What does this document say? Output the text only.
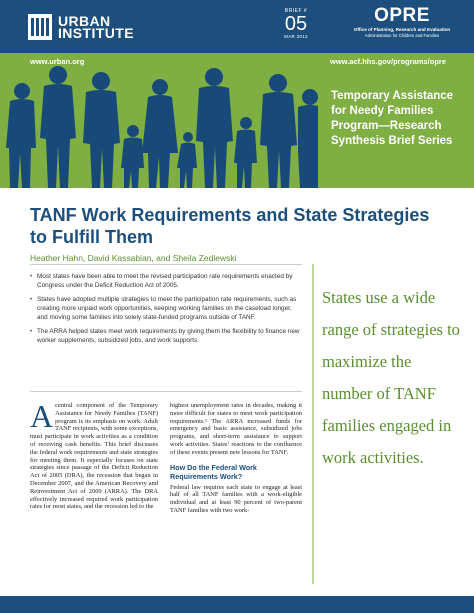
URBAN
INSTITUTE
BRIEF #
05
MAR 2012
OPRE
Office of Planning, Research and Evaluation
Administration for Children and Families
www.urban.org	www.acf.hhs.gov/programs/opre
Temporary Assistance for Needy Families Program—Research Synthesis Brief Series
TANF Work Requirements and State Strategies to Fulfill Them
Heather Hahn, David Kassabian, and Sheila Zedlewski
• Most states have been able to meet the revised participation rate requirements enacted by Congress under the Deficit Reduction Act of 2005.
• States have adopted multiple strategies to meet the participation rate requirements, such as creating more unpaid work opportunities, keeping working families on the caseload longer, and moving some families into solely state-funded programs outside of TANF.
• The ARRA helped states meet work requirements by giving them the flexibility to finance new worker supplements, subsidized jobs, and work supports.
A central component of the Temporary Assistance for Needy Families (TANF) program is its emphasis on work. Adult TANF recipients, with some exceptions, must participate in work activities as a condition of receiving cash benefits. This brief discusses the federal work requirements and state strategies for meeting them. It especially focuses on state strategies since passage of the Deficit Reduction Act of 2005 (DRA), the recession that began in December 2007, and the American Recovery and Reinvestment Act of 2009 (ARRA). The DRA effectively increased required work participation rates for most states, and the recession led to the

highest unemployment rates in decades, making it more difficult for states to meet work participation requirements.¹ The ARRA increased funds for emergency and basic assistance, subsidized jobs programs, and short-term assistance to support work activities. States’ reactions to the confluence of these events present new lessons for TANF.

How Do the Federal Work Requirements Work?

Federal law requires each state to engage at least half of all TANF families with a work-eligible individual and at least 90 percent of two-parent TANF families with two work-

States use a wide range of strategies to maximize the number of TANF families engaged in work activities.
